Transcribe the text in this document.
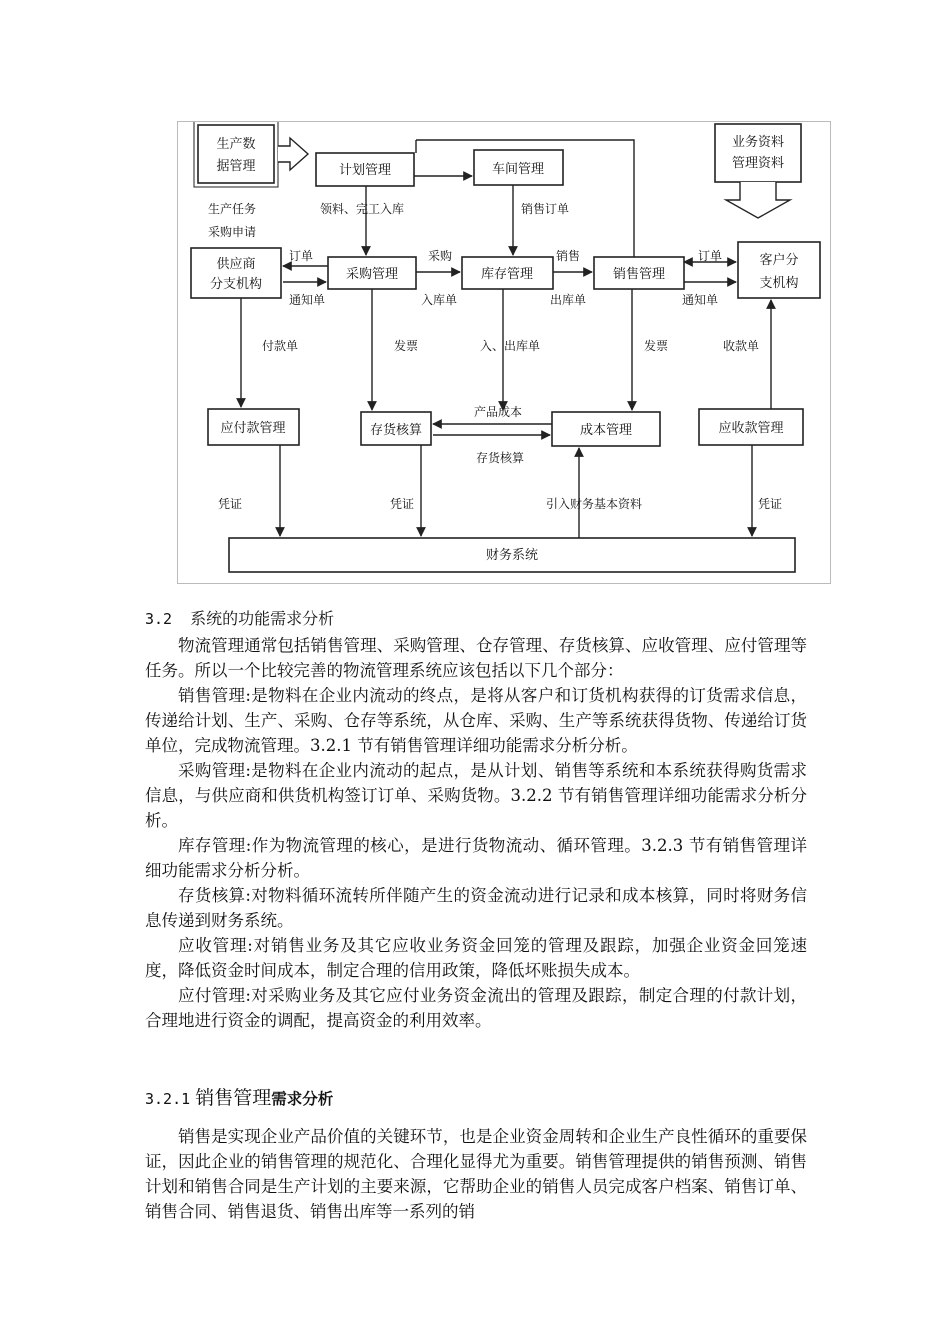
生产数
据管理	计划管理	车间管理
业务资料
管理资料
供应商
分支机构
采购管理	库存管理	销售管理
客户分
支机构
应付款管理	存货核算	成本管理	应收款管理
财务系统
生产任务
采购申请
领料、完工入库	销售订单
订单
通知单
采购
入库单
销售
出库单
订单
通知单
付款单	发票	入、出库单	发票	收款单
产品成本
存货核算
凭证	凭证	引入财务基本资料	凭证
3.2 系统的功能需求分析

物流管理通常包括销售管理、采购管理、仓存管理、存货核算、应收管理、应付管理等任务。所以一个比较完善的物流管理系统应该包括以下几个部分：

销售管理:是物料在企业内流动的终点，是将从客户和订货机构获得的订货需求信息，传递给计划、生产、采购、仓存等系统，从仓库、采购、生产等系统获得货物、传递给订货单位，完成物流管理。3.2.1 节有销售管理详细功能需求分析分析。

采购管理:是物料在企业内流动的起点，是从计划、销售等系统和本系统获得购货需求信息，与供应商和供货机构签订订单、采购货物。3.2.2 节有销售管理详细功能需求分析分析。

库存管理:作为物流管理的核心，是进行货物流动、循环管理。3.2.3 节有销售管理详细功能需求分析分析。

存货核算:对物料循环流转所伴随产生的资金流动进行记录和成本核算，同时将财务信息传递到财务系统。

应收管理:对销售业务及其它应收业务资金回笼的管理及跟踪，加强企业资金回笼速度，降低资金时间成本，制定合理的信用政策，降低坏账损失成本。

应付管理:对采购业务及其它应付业务资金流出的管理及跟踪，制定合理的付款计划，合理地进行资金的调配，提高资金的利用效率。

3.2.1 销售管理需求分析

销售是实现企业产品价值的关键环节，也是企业资金周转和企业生产良性循环的重要保证，因此企业的销售管理的规范化、合理化显得尤为重要。销售管理提供的销售预测、销售计划和销售合同是生产计划的主要来源，它帮助企业的销售人员完成客户档案、销售订单、销售合同、销售退货、销售出库等一系列的销
